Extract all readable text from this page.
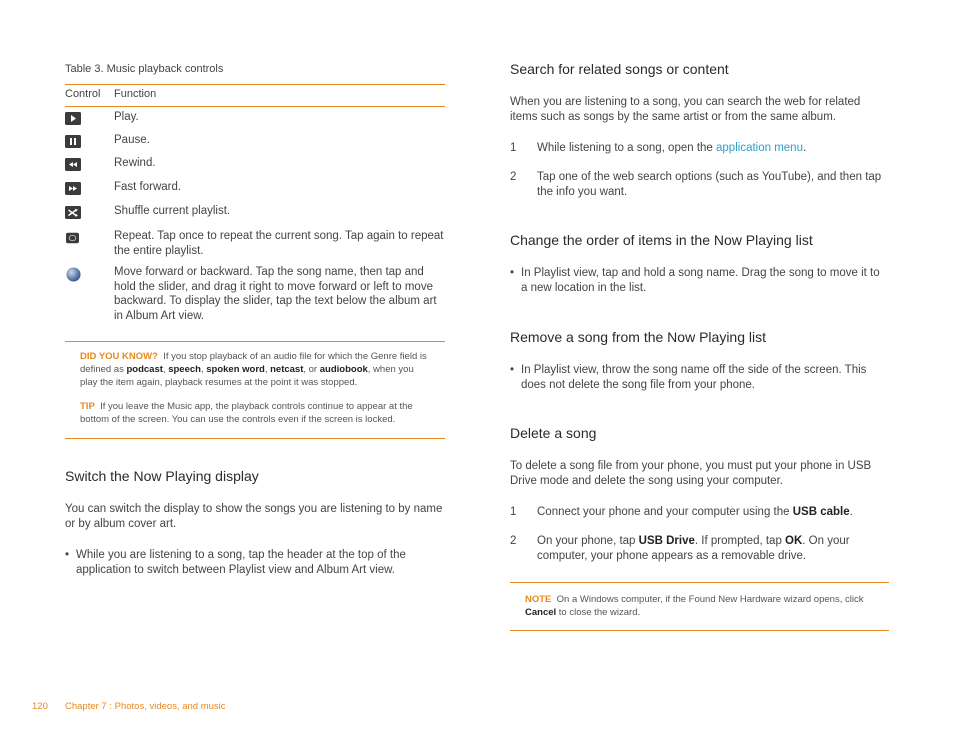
Table 3. Music playback controls
Control Function
Play.
Pause.
Rewind.
Fast forward.
Shuffle current playlist.
Repeat. Tap once to repeat the current song. Tap again to repeat the entire playlist.
Move forward or backward. Tap the song name, then tap and hold the slider, and drag it right to move forward or left to move backward. To display the slider, tap the text below the album art in Album Art view.
DID YOU KNOW? If you stop playback of an audio file for which the Genre field is defined as podcast, speech, spoken word, netcast, or audiobook, when you play the item again, playback resumes at the point it was stopped.
TIP If you leave the Music app, the playback controls continue to appear at the bottom of the screen. You can use the controls even if the screen is locked.
Switch the Now Playing display
You can switch the display to show the songs you are listening to by name or by album cover art.
• While you are listening to a song, tap the header at the top of the application to switch between Playlist view and Album Art view.
120 Chapter 7 : Photos, videos, and music
Search for related songs or content
When you are listening to a song, you can search the web for related items such as songs by the same artist or from the same album.
1 While listening to a song, open the application menu.
2 Tap one of the web search options (such as YouTube), and then tap the info you want.
Change the order of items in the Now Playing list
• In Playlist view, tap and hold a song name. Drag the song to move it to a new location in the list.
Remove a song from the Now Playing list
• In Playlist view, throw the song name off the side of the screen. This does not delete the song file from your phone.
Delete a song
To delete a song file from your phone, you must put your phone in USB Drive mode and delete the song using your computer.
1 Connect your phone and your computer using the USB cable.
2 On your phone, tap USB Drive. If prompted, tap OK. On your computer, your phone appears as a removable drive.
NOTE On a Windows computer, if the Found New Hardware wizard opens, click Cancel to close the wizard.
